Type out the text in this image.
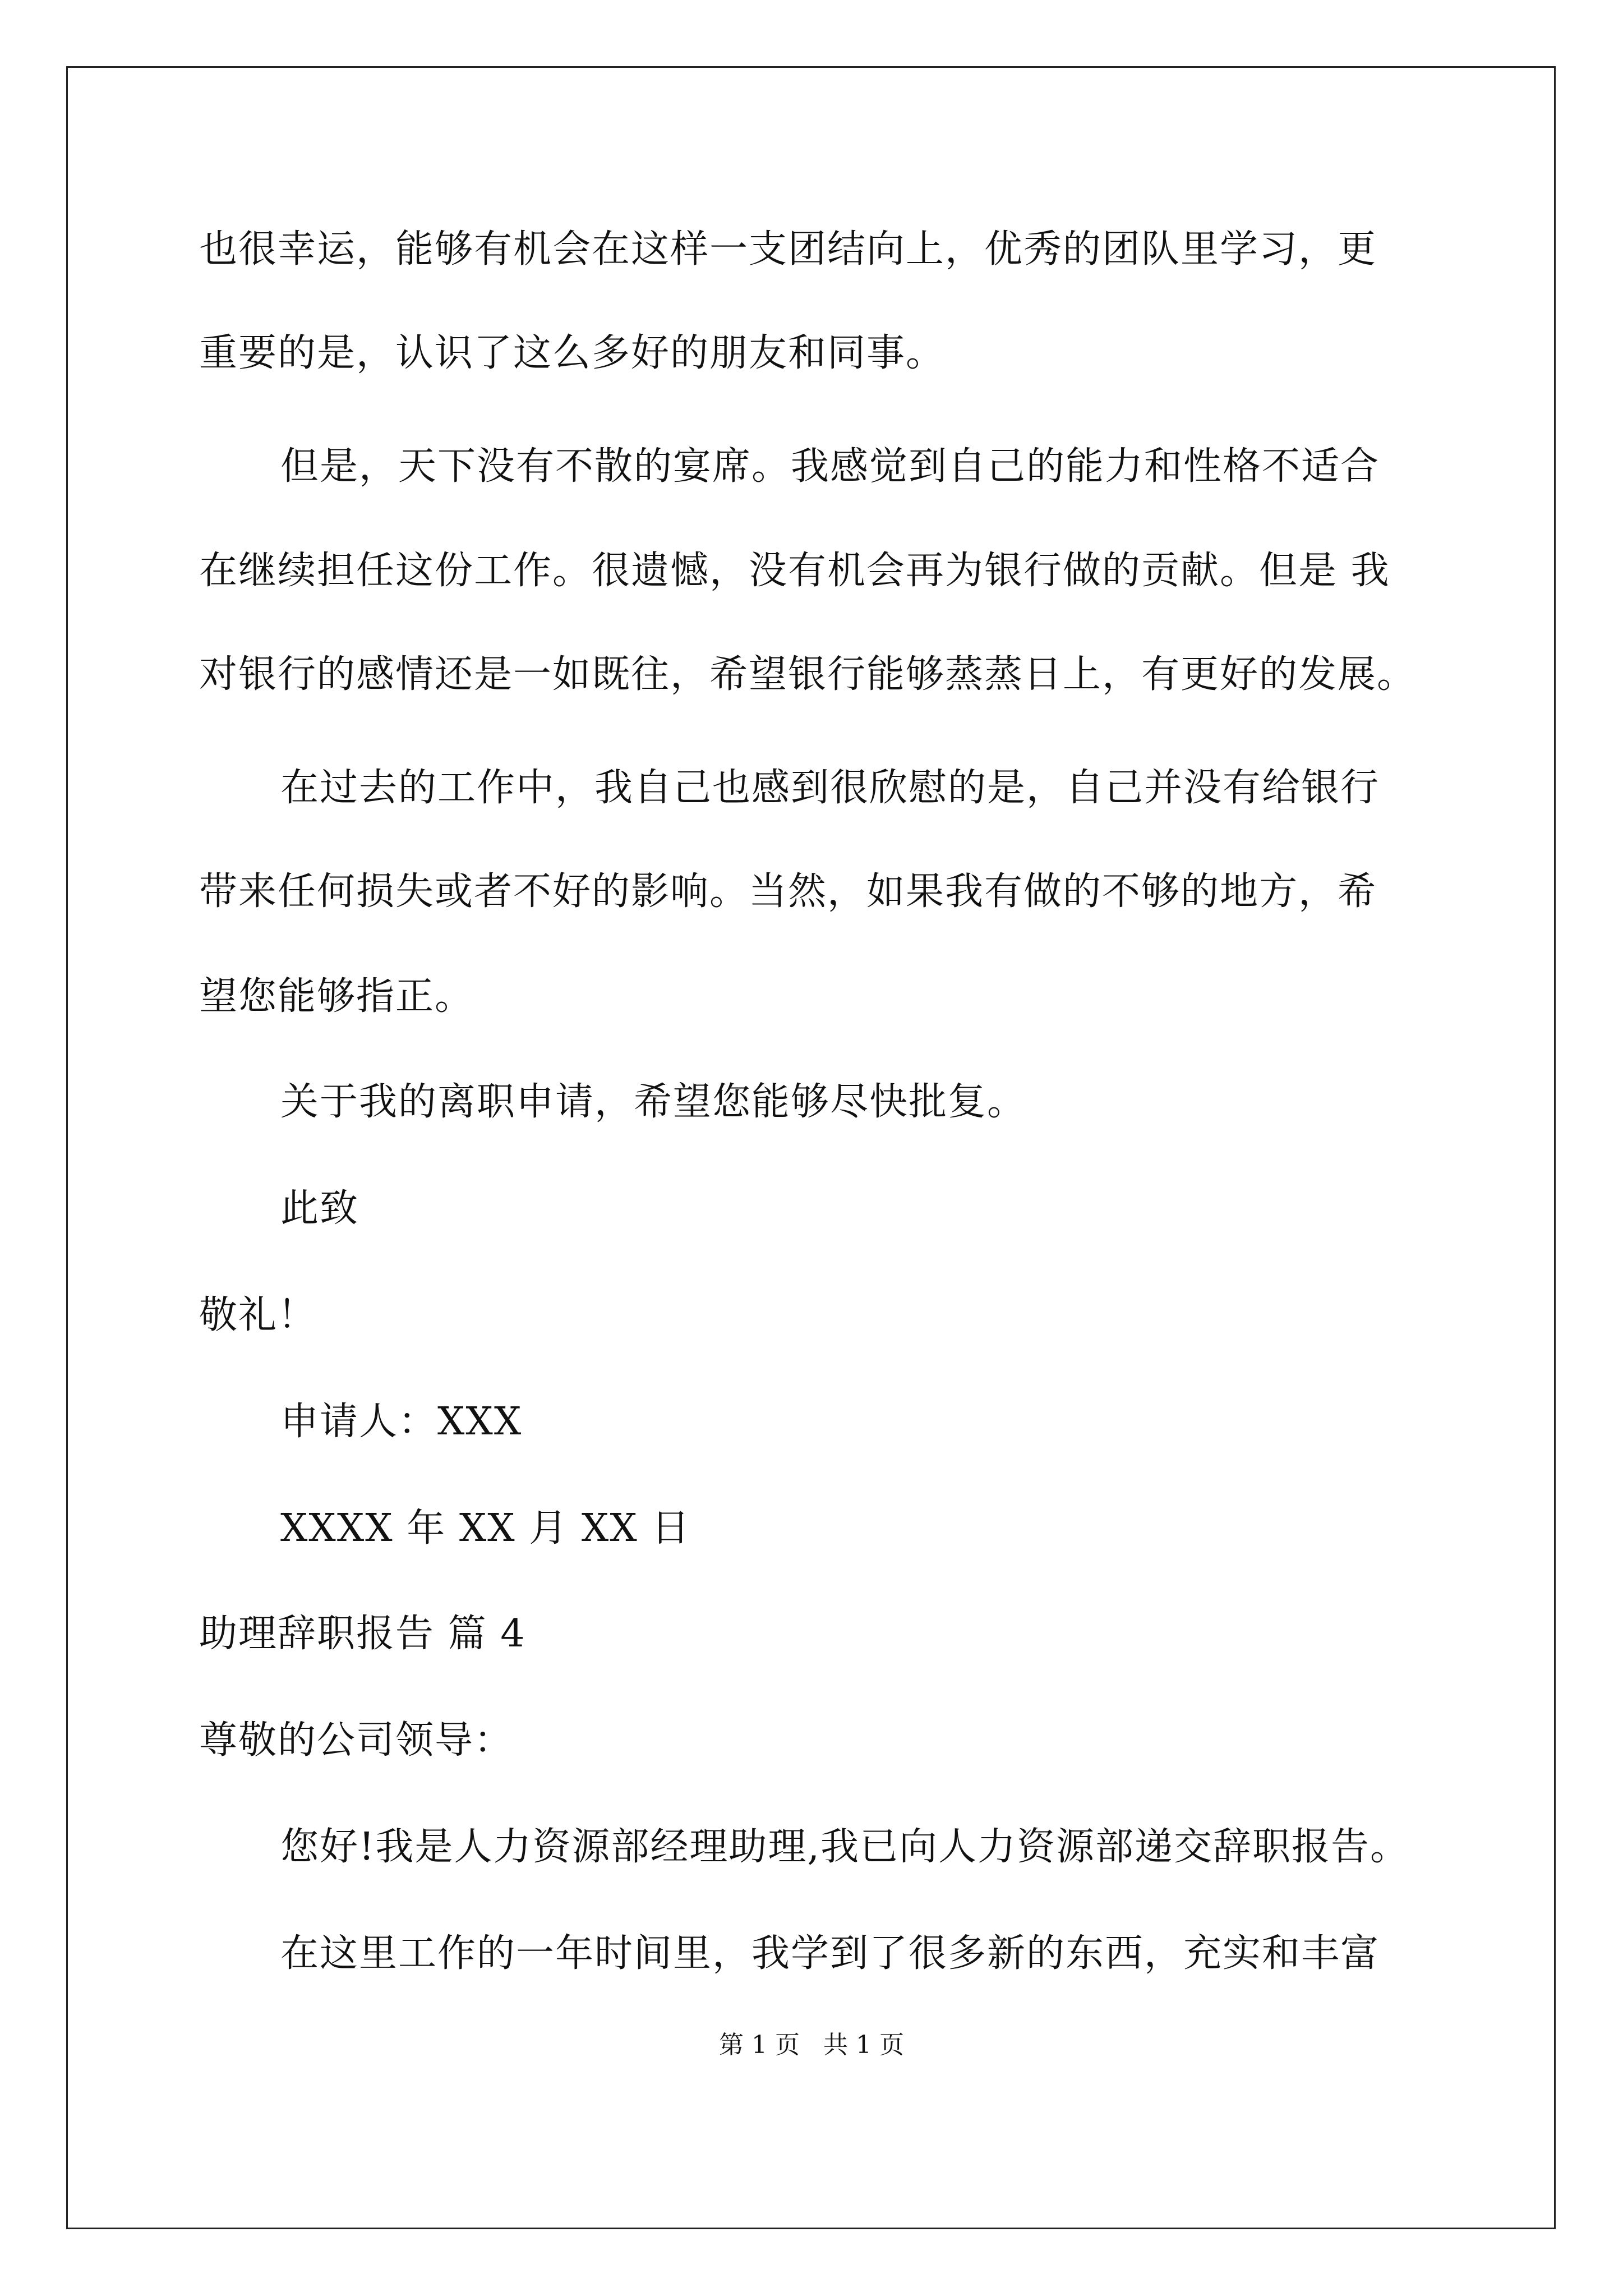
也很幸运，能够有机会在这样一支团结向上，优秀的团队里学习，更
重要的是，认识了这么多好的朋友和同事。
但是，天下没有不散的宴席。我感觉到自己的能力和性格不适合
在继续担任这份工作。很遗憾，没有机会再为银行做的贡献。但是 我
对银行的感情还是一如既往，希望银行能够蒸蒸日上，有更好的发展。
在过去的工作中，我自己也感到很欣慰的是，自己并没有给银行
带来任何损失或者不好的影响。当然，如果我有做的不够的地方，希
望您能够指正。
关于我的离职申请，希望您能够尽快批复。
此致
敬礼！
申请人：XXX
XXXX 年 XX 月 XX 日
助理辞职报告 篇 4
尊敬的公司领导：
您好!我是人力资源部经理助理,我已向人力资源部递交辞职报告。
在这里工作的一年时间里，我学到了很多新的东西，充实和丰富
第 1 页   共 1 页
